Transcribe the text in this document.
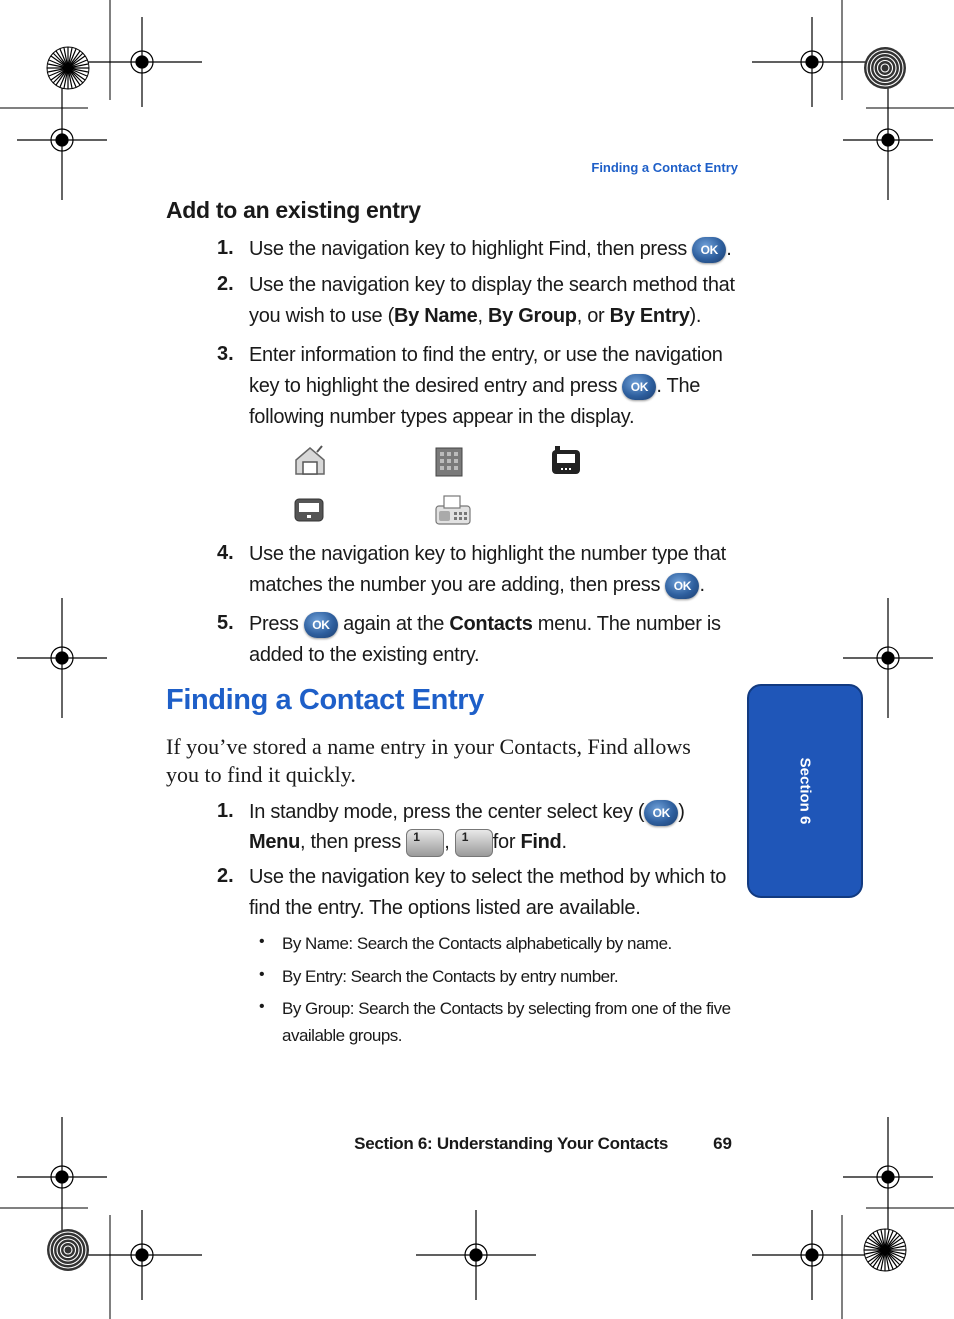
Finding a Contact Entry
Add to an existing entry
1. Use the navigation key to highlight Find, then press OK .
2. Use the navigation key to display the search method that
you wish to use (By Name, By Group, or By Entry).
3. Enter information to find the entry, or use the navigation
key to highlight the desired entry and press OK . The
following number types appear in the display.
4. Use the navigation key to highlight the number type that
matches the number you are adding, then press OK .
5. Press OK again at the Contacts menu. The number is
added to the existing entry.
Finding a Contact Entry
If you’ve stored a name entry in your Contacts, Find allows you to find it quickly.
1. In standby mode, press the center select key ( OK )
Menu, then press 1 , 1 for Find.
2. Use the navigation key to select the method by which to
find the entry. The options listed are available.
• By Name: Search the Contacts alphabetically by name.
• By Entry: Search the Contacts by entry number.
• By Group: Search the Contacts by selecting from one of the five
available groups.
Section 6
Section 6: Understanding Your Contacts	69
